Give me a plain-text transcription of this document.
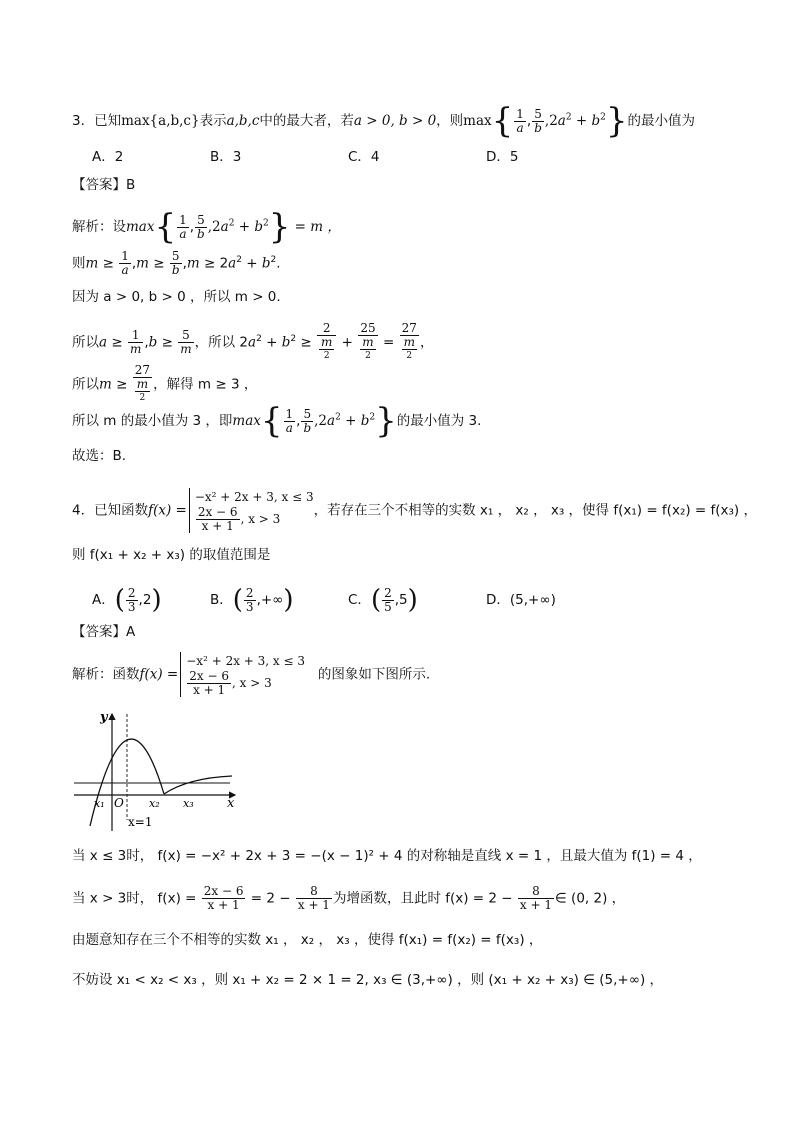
3．已知max{a,b,c}表示a,b,c中的最大者，若a > 0, b > 0，则$\max\{ \frac{1}{a}$ , $\frac{5}{b} ,2a^2 + b^2$}的最小值为
A．2	B．3	C．4	D．5
【答案】B
解析：设$\max\{ \frac{1}{a}$ , $\frac{5}{b} ,2a^2 + b^2\} = m$ ，
则$m \ge \frac{1}{a} ,m \ge \frac{5}{b} ,m \ge 2a^2 + b^2$.
因为 a > 0, b > 0 ，所以 m > 0.
所以$a \ge \frac{1}{m} ,b \ge \frac{5}{m}$ ，所以 $2a^2 + b^2 \ge 2$
m
2 + 25
m
2 = 27
m
2 ，
所以m ≥ 27
m
2 ，解得 m ≥ 3 ，
所以 m 的最小值为 3 ，即$\max\{ \frac{1}{a}$ , $\frac{5}{b} ,2a^2 + b^2$}的最小值为 3.
故选：B.
4．已知函数f(x) =
−x² + 2x + 3, x ≤ 3
$\frac{2x - 6}{x + 1}$ , x > 3
，若存在三个不相等的实数 x₁ ， x₂ ， x₃ ，使得 f(x₁) = f(x₂) = f(x₃) ，
则 f(x₁ + x₂ + x₃) 的取值范围是
A．( $\frac{2}{3} ,2$)	B．( $\frac{2}{3}$ ,+∞)	C．( $\frac{2}{5} ,5$)	D．(5,+∞)
【答案】A
解析：函数f(x) =
−x² + 2x + 3, x ≤ 3
$\frac{2x - 6}{x + 1}$ , x > 3
的图象如下图所示.
y
x
O
x₁	x₂ x₃
x=1
当 x ≤ 3时， f(x) = −x² + 2x + 3 = −(x − 1)² + 4 的对称轴是直线 x = 1 ，且最大值为 f(1) = 4 ，
当 x > 3时， $f(x) = \frac{2x - 6}{x + 1} = 2 - \frac{8}{x + 1}$ 为增函数，且此时 $f(x) = 2 - \frac{8}{x + 1}$ ∈ (0, 2) ，
由题意知存在三个不相等的实数 x₁ ， x₂ ， x₃ ，使得 f(x₁) = f(x₂) = f(x₃) ，
不妨设 x₁ < x₂ < x₃ ，则 x₁ + x₂ = 2 × 1 = 2, x₃ ∈ (3,+∞) ，则 (x₁ + x₂ + x₃) ∈ (5,+∞) ，
